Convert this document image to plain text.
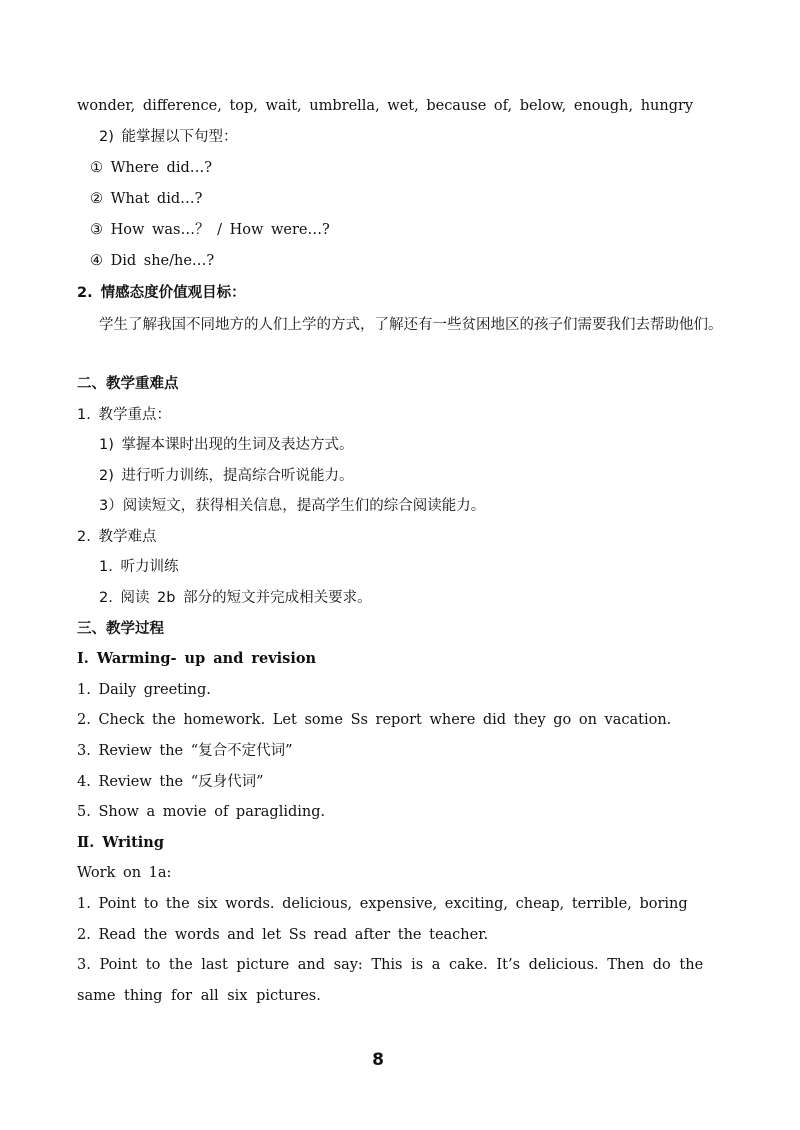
wonder, difference, top, wait, umbrella, wet, because of, below, enough, hungry
2) 能掌握以下句型：
① Where did…?
② What did…?
③ How was…？ / How were…?
④ Did she/he…?
2. 情感态度价值观目标：
学生了解我国不同地方的人们上学的方式，了解还有一些贫困地区的孩子们需要我们去帮助他们。
二、教学重难点
1. 教学重点：
1) 掌握本课时出现的生词及表达方式。
2) 进行听力训练，提高综合听说能力。
3）阅读短文，获得相关信息，提高学生们的综合阅读能力。
2. 教学难点
1. 听力训练
2. 阅读 2b 部分的短文并完成相关要求。
三、教学过程
Ⅰ. Warming- up and revision
1. Daily greeting.
2. Check the homework. Let some Ss report where did they go on vacation.
3. Review the “复合不定代词”
4. Review the “反身代词”
5. Show a movie of paragliding.
Ⅱ. Writing
Work on 1a:
1. Point to the six words. delicious, expensive, exciting, cheap, terrible, boring
2. Read the words and let Ss read after the teacher.
3. Point to the last picture and say: This is a cake. It’s delicious. Then do the same thing for all six pictures.
8
